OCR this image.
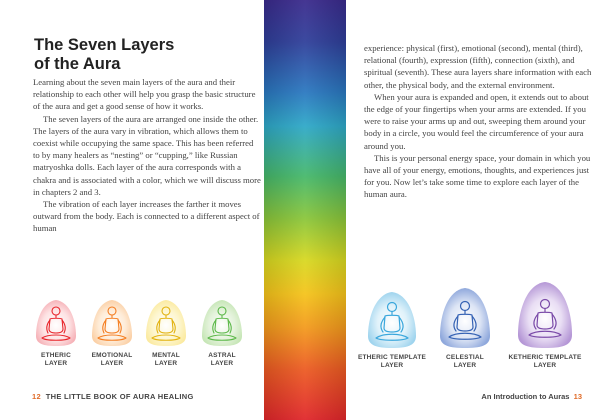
The Seven Layers
of the Aura

Learning about the seven main layers of the aura and their relationship to each other will help you grasp the basic structure of the aura and get a good sense of how it works.

The seven layers of the aura are arranged one inside the other. The layers of the aura vary in vibration, which allows them to coexist while occupying the same space. This has been referred to by many healers as “nesting” or “cupping,” like Russian matryoshka dolls. Each layer of the aura corresponds with a chakra and is associated with a color, which we will discuss more in chapters 2 and 3.

The vibration of each layer increases the farther it moves outward from the body. Each is connected to a different aspect of human

ETHERIC
LAYER
EMOTIONAL
LAYER
MENTAL
LAYER
ASTRAL
LAYER
12 THE LITTLE BOOK OF AURA HEALING

experience: physical (first), emotional (second), mental (third), relational (fourth), expression (fifth), connection (sixth), and spiritual (seventh). These aura layers share information with each other, the physical body, and the external environment.

When your aura is expanded and open, it extends out to about the edge of your fingertips when your arms are extended. If you were to raise your arms up and out, sweeping them around your body in a circle, you would feel the circumference of your aura around you.

This is your personal energy space, your domain in which you have all of your energy, emotions, thoughts, and experiences just for you. Now let’s take some time to explore each layer of the human aura.

ETHERIC TEMPLATE
LAYER
CELESTIAL
LAYER
KETHERIC TEMPLATE
LAYER
An Introduction to Auras 13
